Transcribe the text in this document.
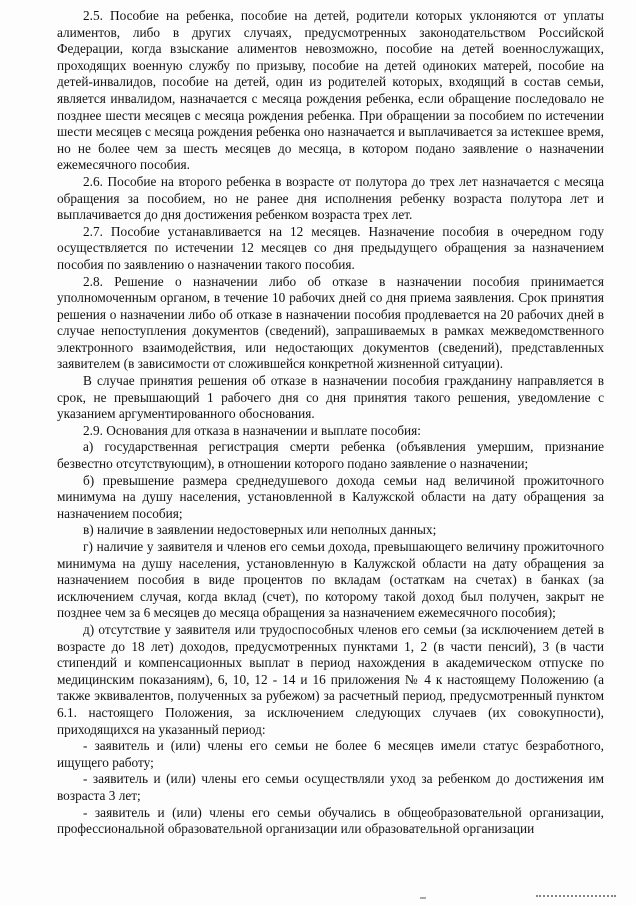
2.5. Пособие на ребенка, пособие на детей, родители которых уклоняются от уплаты алиментов, либо в других случаях, предусмотренных законодательством Российской Федерации, когда взыскание алиментов невозможно, пособие на детей военнослужащих, проходящих военную службу по призыву, пособие на детей одиноких матерей, пособие на детей-инвалидов, пособие на детей, один из родителей которых, входящий в состав семьи, является инвалидом, назначается с месяца рождения ребенка, если обращение последовало не позднее шести месяцев с месяца рождения ребенка. При обращении за пособием по истечении шести месяцев с месяца рождения ребенка оно назначается и выплачивается за истекшее время, но не более чем за шесть месяцев до месяца, в котором подано заявление о назначении ежемесячного пособия.

2.6. Пособие на второго ребенка в возрасте от полутора до трех лет назначается с месяца обращения за пособием, но не ранее дня исполнения ребенку возраста полутора лет и выплачивается до дня достижения ребенком возраста трех лет.

2.7. Пособие устанавливается на 12 месяцев. Назначение пособия в очередном году осуществляется по истечении 12 месяцев со дня предыдущего обращения за назначением пособия по заявлению о назначении такого пособия.

2.8. Решение о назначении либо об отказе в назначении пособия принимается уполномоченным органом, в течение 10 рабочих дней со дня приема заявления. Срок принятия решения о назначении либо об отказе в назначении пособия продлевается на 20 рабочих дней в случае непоступления документов (сведений), запрашиваемых в рамках межведомственного электронного взаимодействия, или недостающих документов (сведений), представленных заявителем (в зависимости от сложившейся конкретной жизненной ситуации).

В случае принятия решения об отказе в назначении пособия гражданину направляется в срок, не превышающий 1 рабочего дня со дня принятия такого решения, уведомление с указанием аргументированного обоснования.

2.9. Основания для отказа в назначении и выплате пособия:

а) государственная регистрация смерти ребенка (объявления умершим, признание безвестно отсутствующим), в отношении которого подано заявление о назначении;

б) превышение размера среднедушевого дохода семьи над величиной прожиточного минимума на душу населения, установленной в Калужской области на дату обращения за назначением пособия;

в) наличие в заявлении недостоверных или неполных данных;

г) наличие у заявителя и членов его семьи дохода, превышающего величину прожиточного минимума на душу населения, установленную в Калужской области на дату обращения за назначением пособия в виде процентов по вкладам (остаткам на счетах) в банках (за исключением случая, когда вклад (счет), по которому такой доход был получен, закрыт не позднее чем за 6 месяцев до месяца обращения за назначением ежемесячного пособия);

д) отсутствие у заявителя или трудоспособных членов его семьи (за исключением детей в возрасте до 18 лет) доходов, предусмотренных пунктами 1, 2 (в части пенсий), 3 (в части стипендий и компенсационных выплат в период нахождения в академическом отпуске по медицинским показаниям), 6, 10, 12 - 14 и 16 приложения № 4 к настоящему Положению (а также эквивалентов, полученных за рубежом) за расчетный период, предусмотренный пунктом 6.1. настоящего Положения, за исключением следующих случаев (их совокупности), приходящихся на указанный период:

- заявитель и (или) члены его семьи не более 6 месяцев имели статус безработного, ищущего работу;

- заявитель и (или) члены его семьи осуществляли уход за ребенком до достижения им возраста 3 лет;

- заявитель и (или) члены его семьи обучались в общеобразовательной организации, профессиональной образовательной организации или образовательной организации
